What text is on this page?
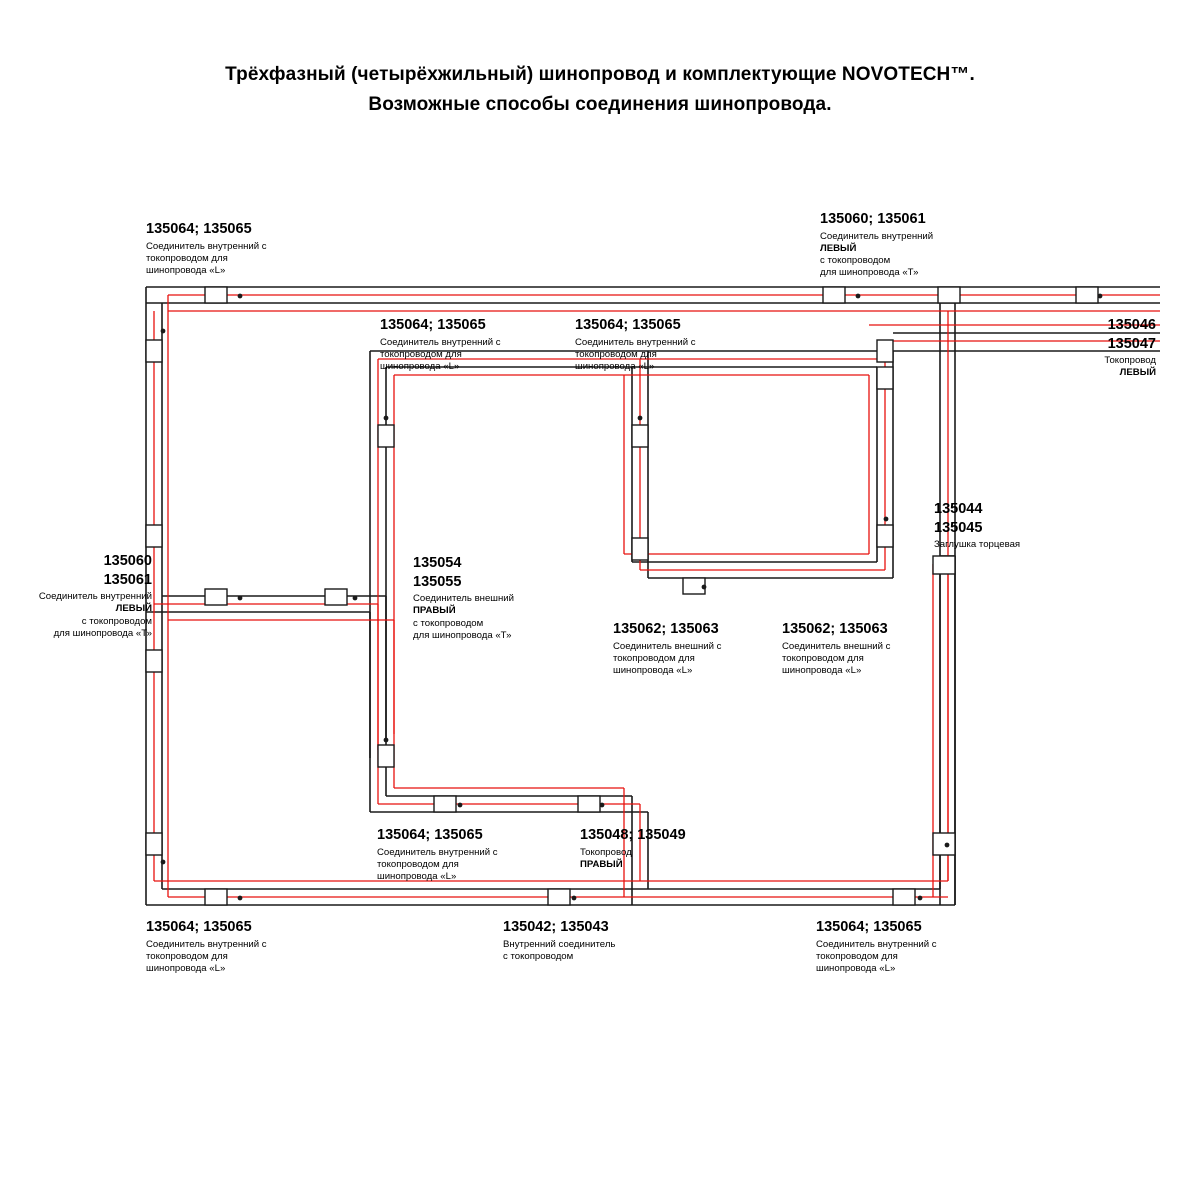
Трёхфазный (четырёхжильный) шинопровод и комплектующие NOVOTECH™.
Возможные способы соединения шинопровода.
135064; 135065
Соединитель внутренний с
токопроводом для
шинопровода «L»
135060; 135061
Соединитель внутренний
ЛЕВЫЙ
с токопроводом
для шинопровода «Т»
135064; 135065
Соединитель внутренний с
токопроводом для
шинопровода «L»
135064; 135065
Соединитель внутренний с
токопроводом для
шинопровода «L»
135046
135047
Токопровод
ЛЕВЫЙ
135044
135045
Заглушка торцевая
135060
135061
Соединитель внутренний
ЛЕВЫЙ
с токопроводом
для шинопровода «Т»
135054
135055
Соединитель внешний
ПРАВЫЙ
с токопроводом
для шинопровода «Т»	135062; 135063
Соединитель внешний с
токопроводом для
шинопровода «L»
135062; 135063
Соединитель внешний с
токопроводом для
шинопровода «L»
135064; 135065
Соединитель внутренний с
токопроводом для
шинопровода «L»
135048; 135049
Токопровод
ПРАВЫЙ
135064; 135065
Соединитель внутренний с
токопроводом для
шинопровода «L»
135042; 135043
Внутренний соединитель
с токопроводом
135064; 135065
Соединитель внутренний с
токопроводом для
шинопровода «L»
